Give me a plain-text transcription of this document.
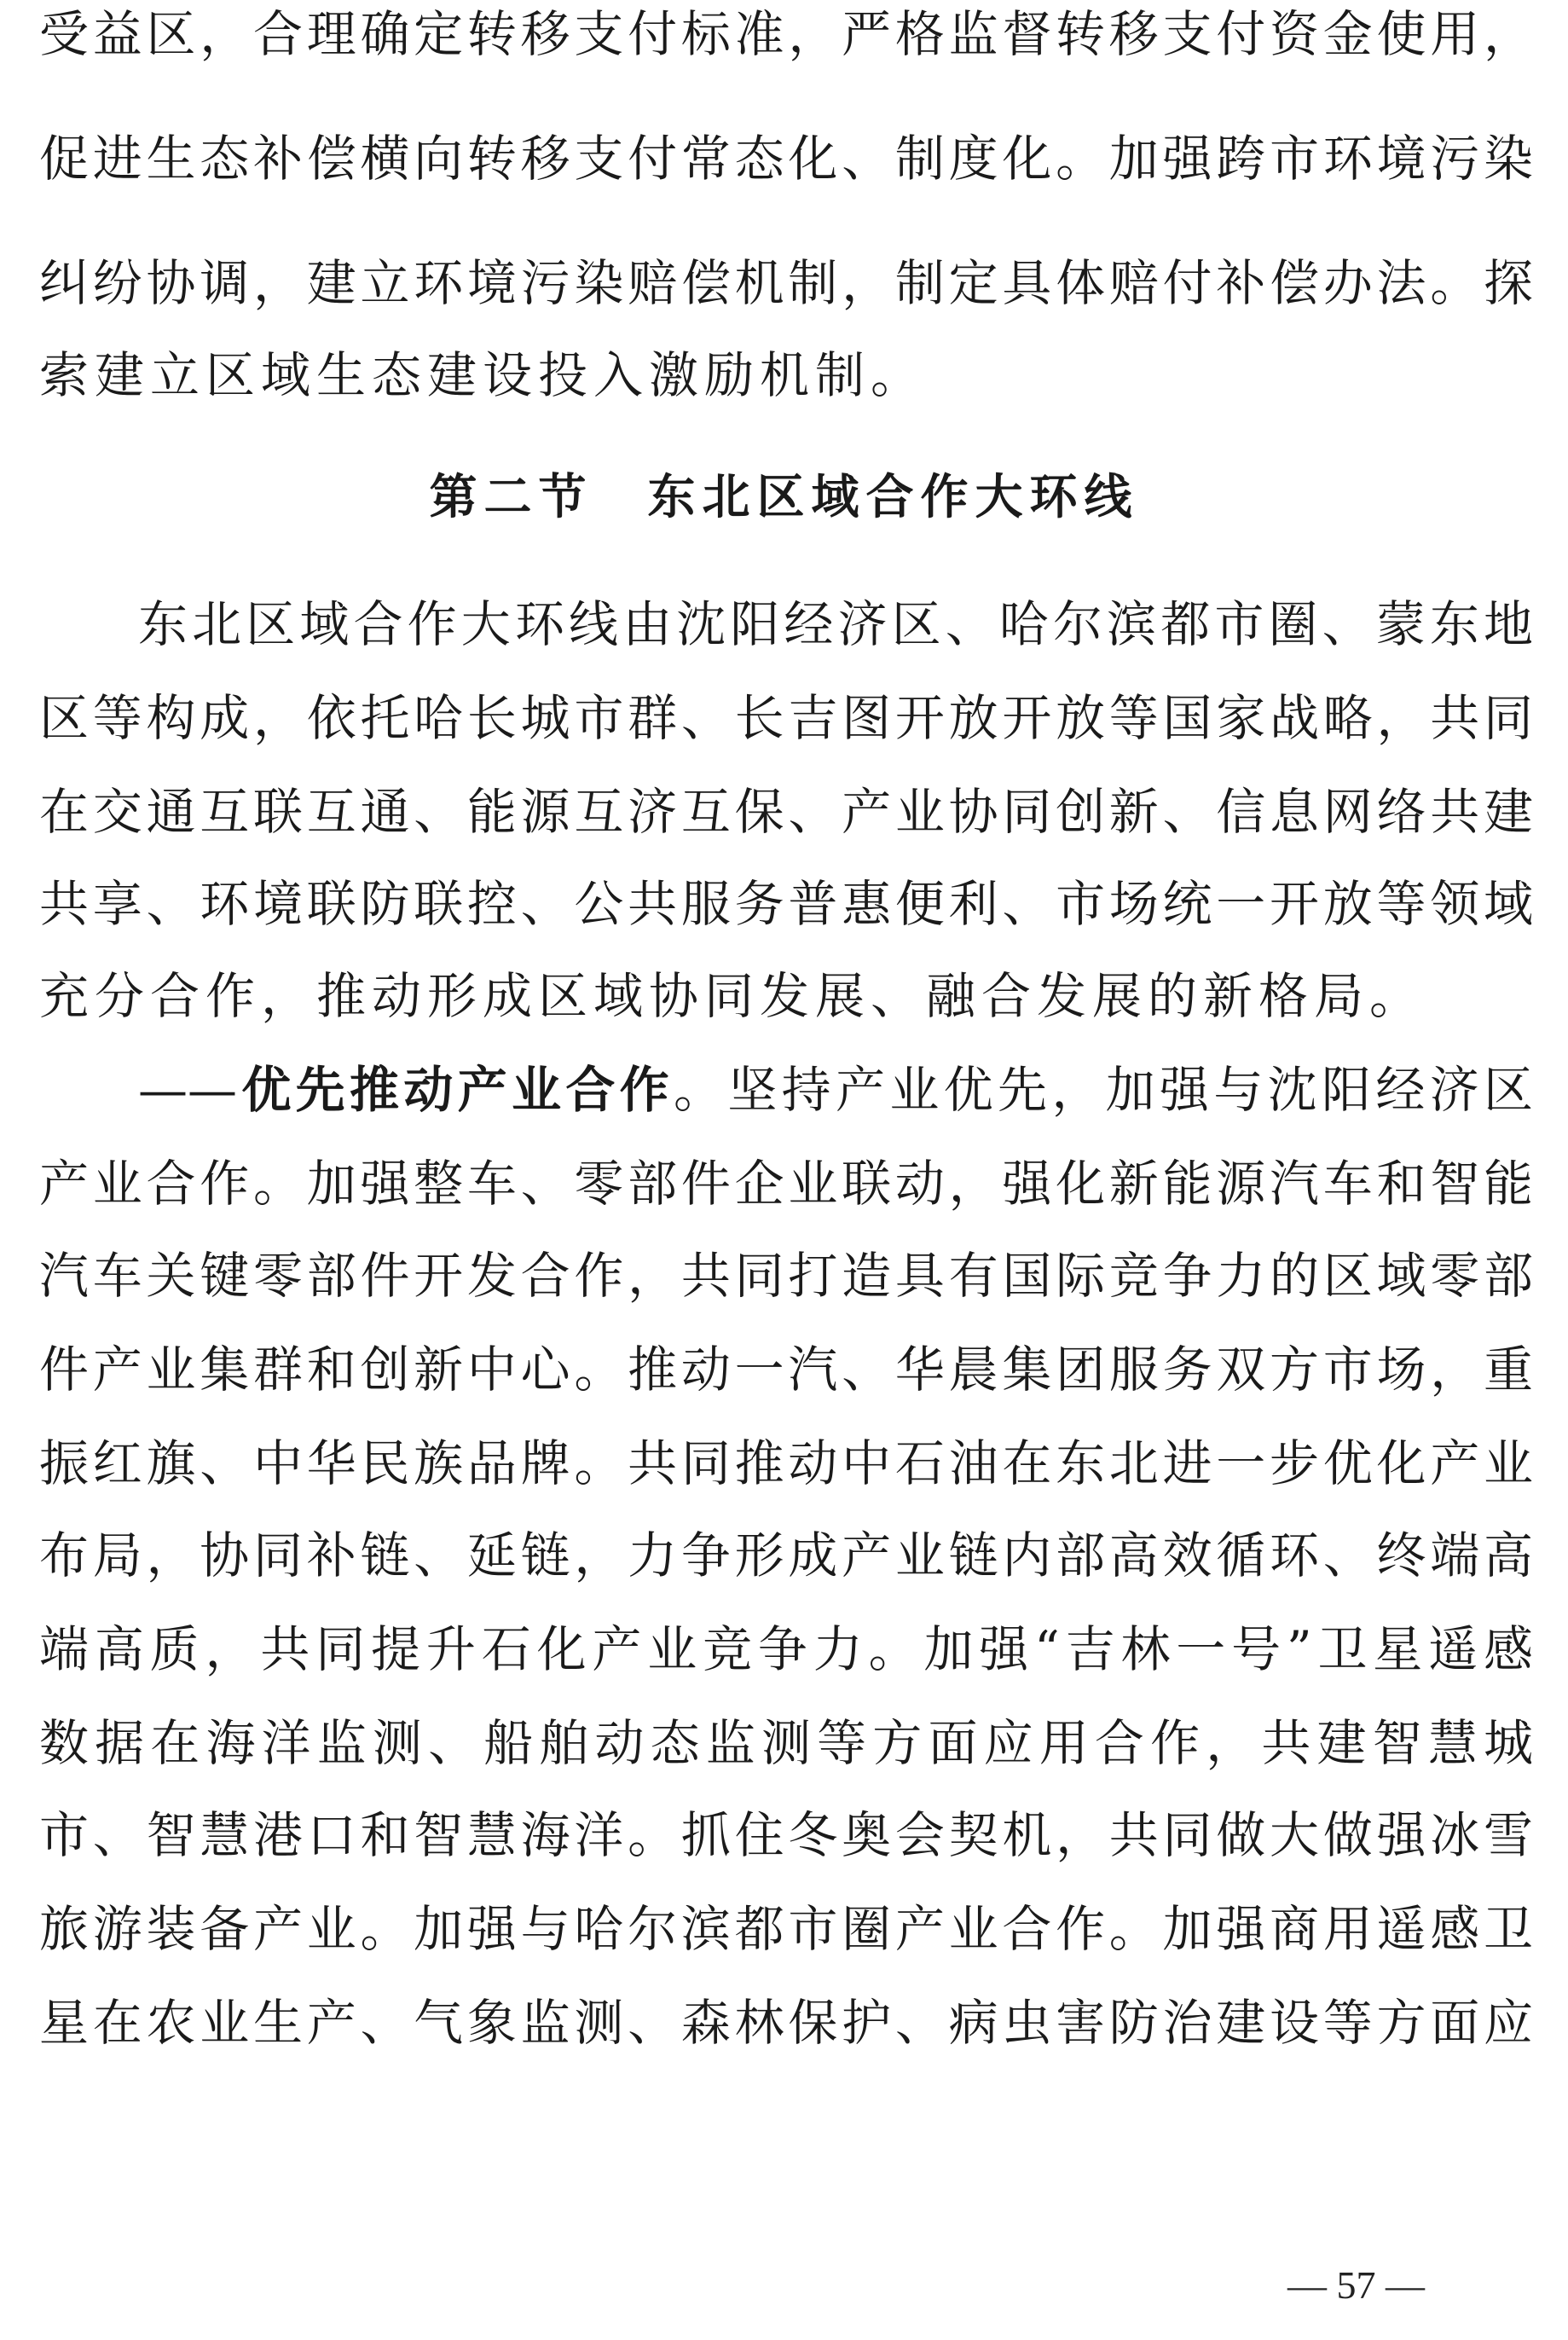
受益区，合理确定转移支付标准，严格监督转移支付资金使用，
促进生态补偿横向转移支付常态化、制度化。加强跨市环境污染
纠纷协调，建立环境污染赔偿机制，制定具体赔付补偿办法。探
索建立区域生态建设投入激励机制。
东北区域合作大环线由沈阳经济区、哈尔滨都市圈、蒙东地
区等构成，依托哈长城市群、长吉图开放开放等国家战略，共同
在交通互联互通、能源互济互保、产业协同创新、信息网络共建
共享、环境联防联控、公共服务普惠便利、市场统一开放等领域
充分合作，推动形成区域协同发展、融合发展的新格局。
——优先推动产业合作。坚持产业优先，加强与沈阳经济区
产业合作。加强整车、零部件企业联动，强化新能源汽车和智能
汽车关键零部件开发合作，共同打造具有国际竞争力的区域零部
件产业集群和创新中心。推动一汽、华晨集团服务双方市场，重
振红旗、中华民族品牌。共同推动中石油在东北进一步优化产业
布局，协同补链、延链，力争形成产业链内部高效循环、终端高
端高质，共同提升石化产业竞争力。加强“吉林一号”卫星遥感
数据在海洋监测、船舶动态监测等方面应用合作，共建智慧城
市、智慧港口和智慧海洋。抓住冬奥会契机，共同做大做强冰雪
旅游装备产业。加强与哈尔滨都市圈产业合作。加强商用遥感卫
星在农业生产、气象监测、森林保护、病虫害防治建设等方面应
第二节　东北区域合作大环线
— 57 —
